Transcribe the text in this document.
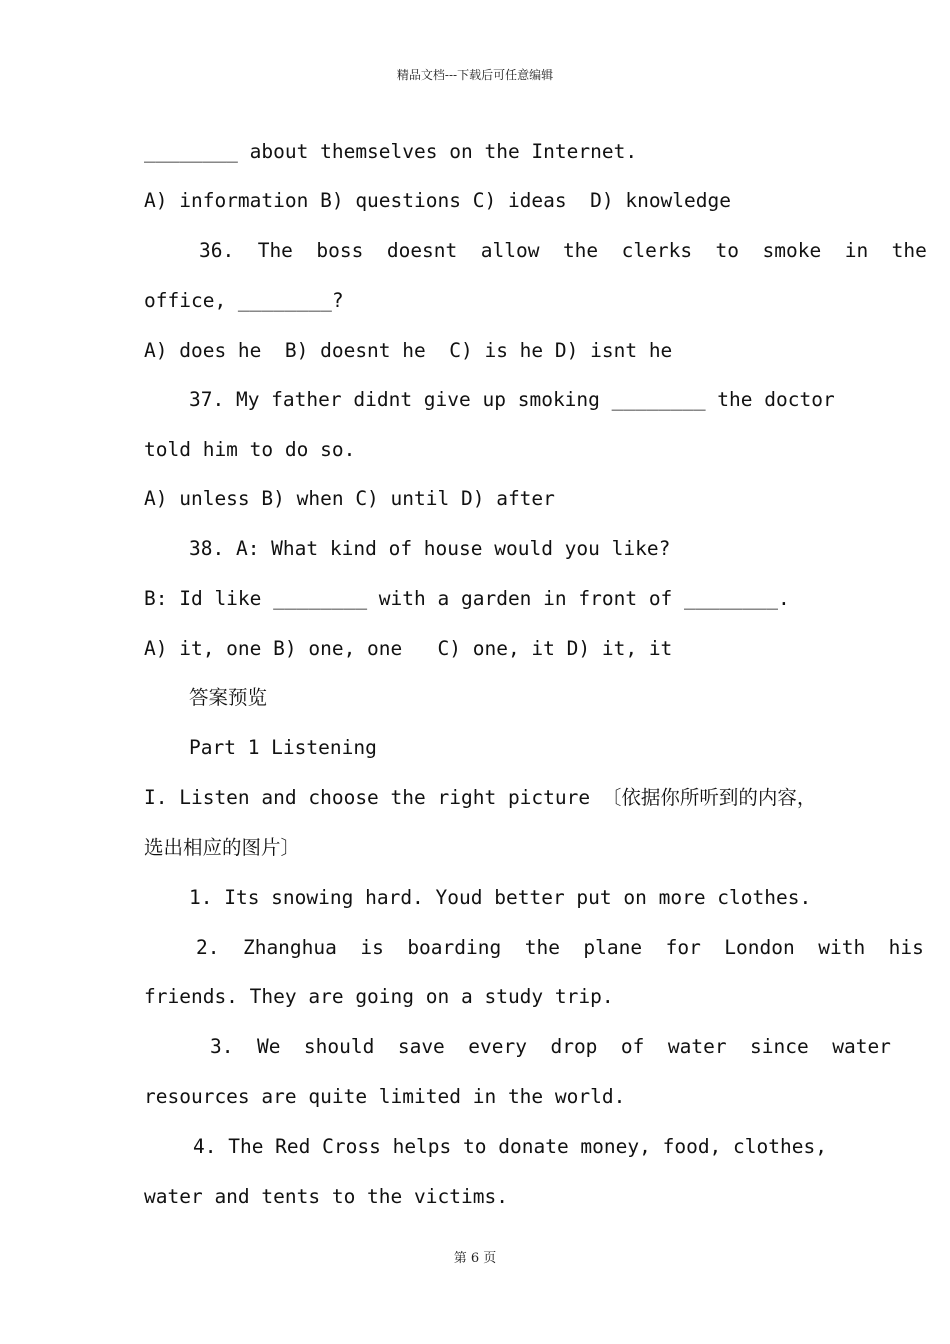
精品文档---下载后可任意编辑
________ about themselves on the Internet.
A) information B) questions C) ideas  D) knowledge
36.  The  boss  doesnt  allow  the  clerks  to  smoke  in  the
office, ________?
A) does he  B) doesnt he  C) is he D) isnt he
37. My father didnt give up smoking ________ the doctor
told him to do so.
A) unless B) when C) until D) after
38. A: What kind of house would you like?
B: Id like ________ with a garden in front of ________.
A) it, one B) one, one   C) one, it D) it, it
答案预览
Part 1 Listening
I. Listen and choose the right picture 〔依据你所听到的内容，
选出相应的图片〕
1. Its snowing hard. Youd better put on more clothes.
2.  Zhanghua  is  boarding  the  plane  for  London  with  his
friends. They are going on a study trip.
3.  We  should  save  every  drop  of  water  since  water
resources are quite limited in the world.
4. The Red Cross helps to donate money, food, clothes,
water and tents to the victims.
第 6 页
